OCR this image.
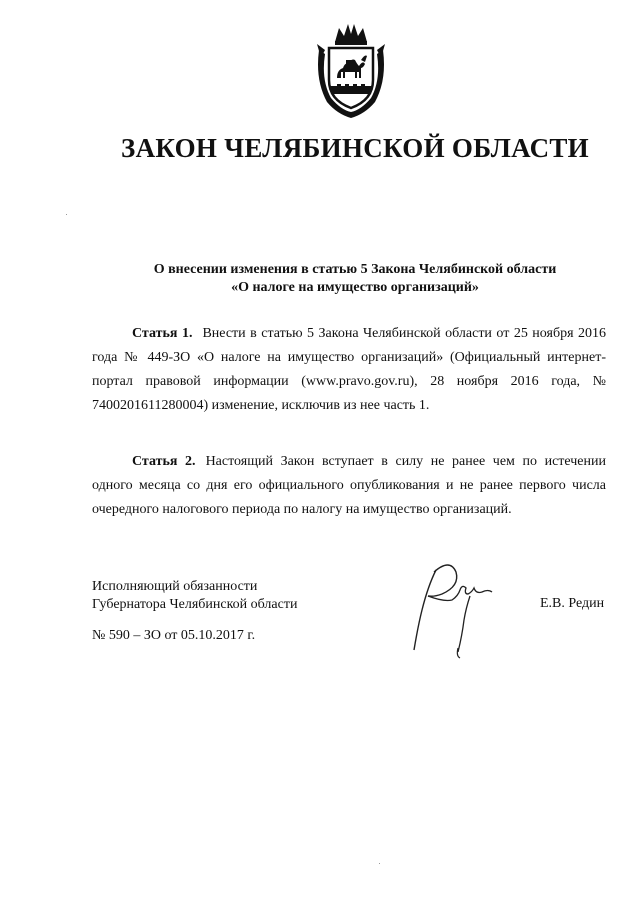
ЗАКОН ЧЕЛЯБИНСКОЙ ОБЛАСТИ
О внесении изменения в статью 5 Закона Челябинской области
«О налоге на имущество организаций»
Статья 1. Внести в статью 5 Закона Челябинской области от 25 ноября 2016 года № 449-ЗО «О налоге на имущество организаций» (Официальный интернет-портал правовой информации (www.pravo.gov.ru), 28 ноября 2016 года, № 7400201611280004) изменение, исключив из нее часть 1.
Статья 2. Настоящий Закон вступает в силу не ранее чем по истечении одного месяца со дня его официального опубликования и не ранее первого числа очередного налогового периода по налогу на имущество организаций.
Исполняющий обязанности
Губернатора Челябинской области	Е.В. Редин
№ 590 – ЗО от 05.10.2017 г.
